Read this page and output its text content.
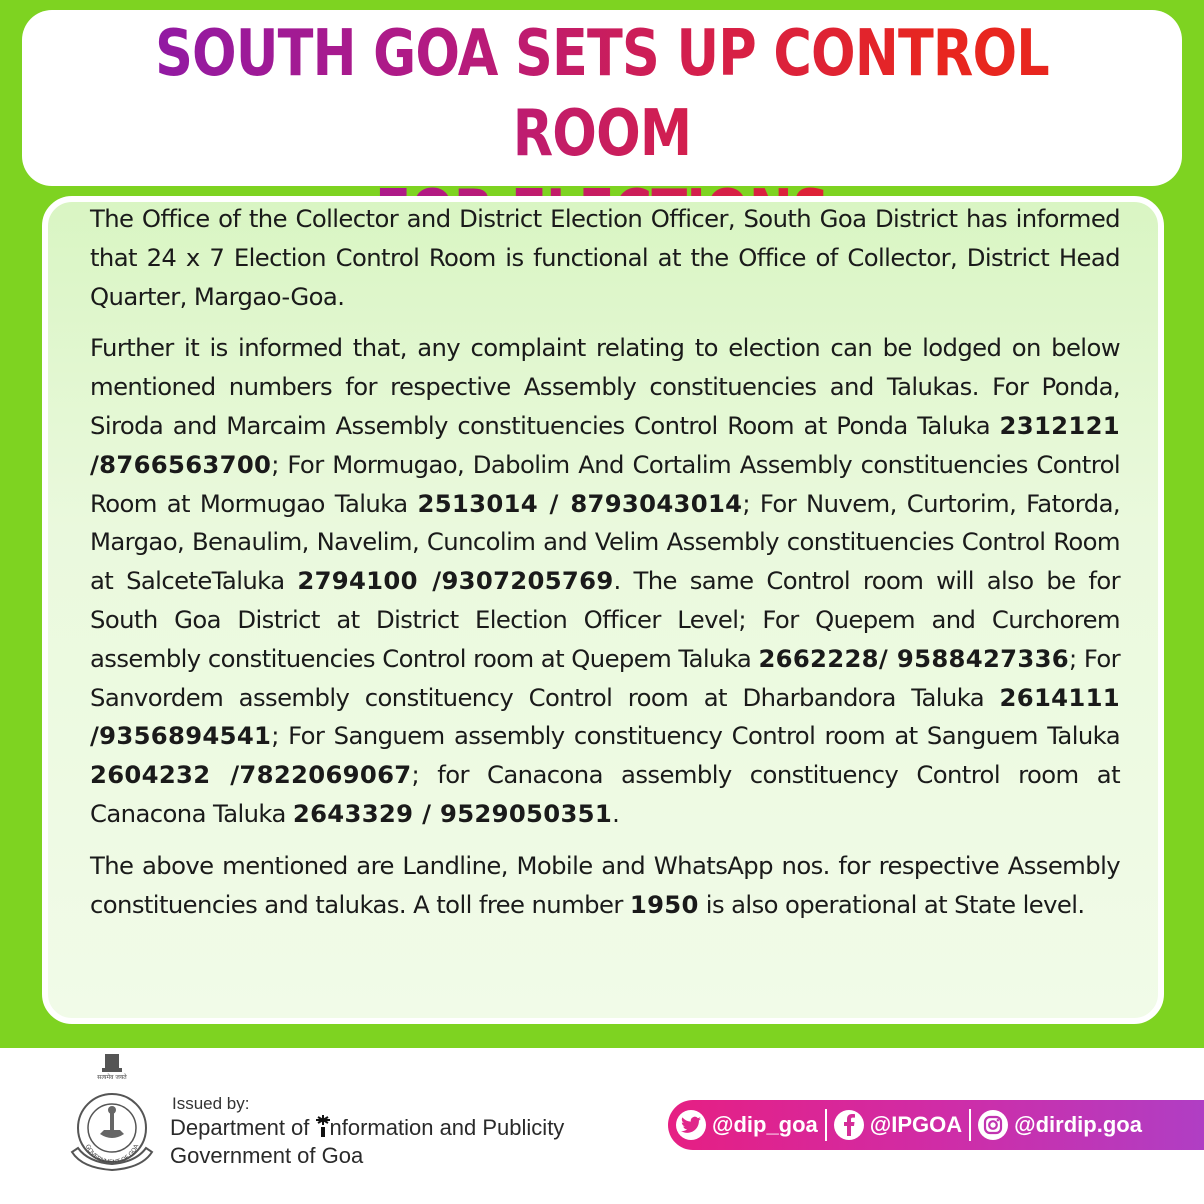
SOUTH GOA SETS UP CONTROL ROOM

The Office of the Collector and District Election Officer, South Goa District has informed that 24 x 7 Election Control Room is functional at the Office of Collector, District Head Quarter, Margao-Goa.

Further it is informed that, any complaint relating to election can be lodged on below mentioned numbers for respective Assembly constituencies and Talukas. For Ponda, Siroda and Marcaim Assembly constituencies Control Room at Ponda Taluka 2312121 /8766563700; For Mormugao, Dabolim And Cortalim Assembly constituencies Control Room at Mormugao Taluka 2513014 / 8793043014; For Nuvem, Curtorim, Fatorda, Margao, Benaulim, Navelim, Cuncolim and Velim Assembly constituencies Control Room at SalceteTaluka 2794100 /9307205769. The same Control room will also be for South Goa District at District Election Officer Level; For Quepem and Curchorem assembly constituencies Control room at Quepem Taluka 2662228/ 9588427336; For Sanvordem assembly constituency Control room at Dharbandora Taluka 2614111 /9356894541; For Sanguem assembly constituency Control room at Sanguem Taluka 2604232 /7822069067; for Canacona assembly constituency Control room at Canacona Taluka 2643329 / 9529050351.

The above mentioned are Landline, Mobile and WhatsApp nos. for respective Assembly constituencies and talukas. A toll free number 1950 is also operational at State level.

सत्यमेव जयते
GOVERNMENT OF GOA
Issued by:
Department of nformation and Publicity
Government of Goa
@dip_goa @IPGOA @dirdip.goa
